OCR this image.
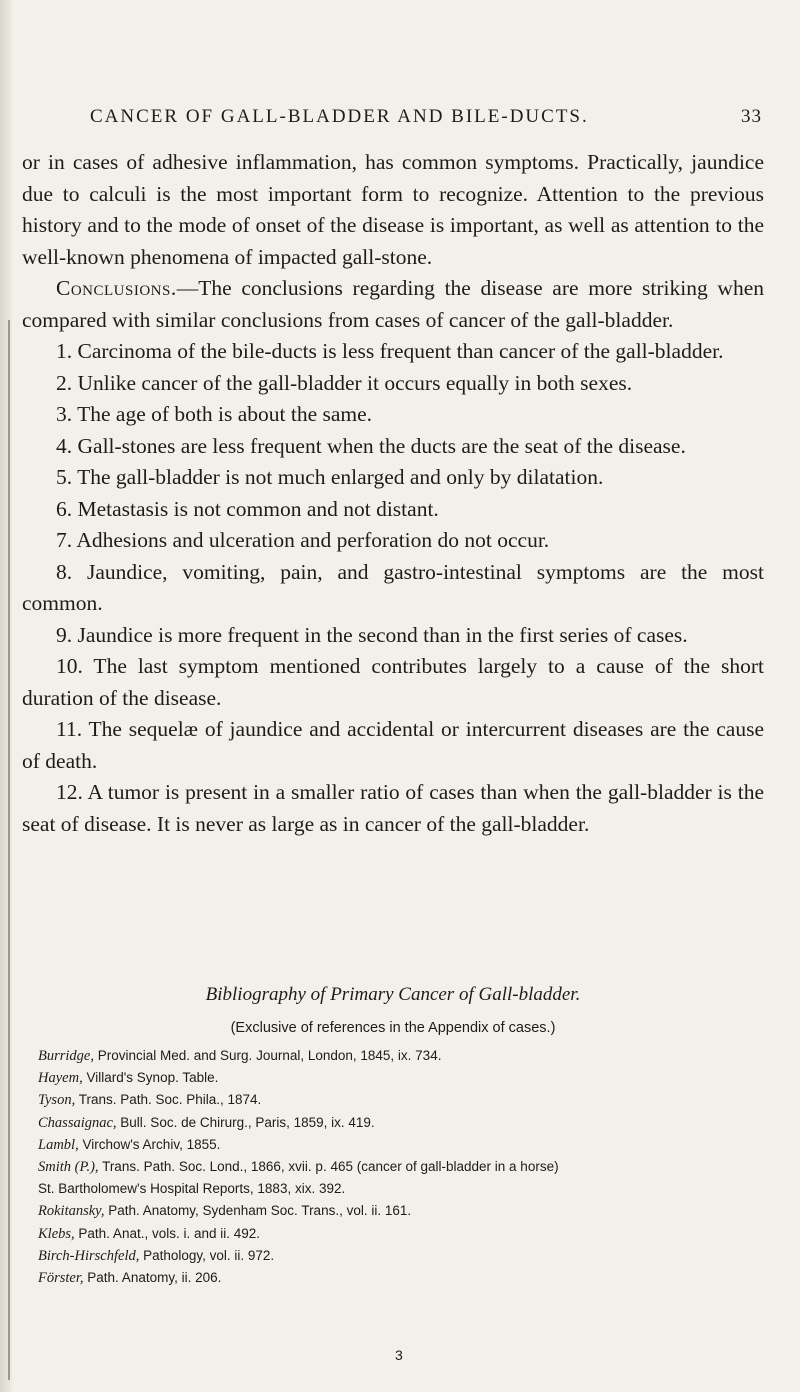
CANCER OF GALL-BLADDER AND BILE-DUCTS.	33

or in cases of adhesive inflammation, has common symptoms. Practically, jaundice due to calculi is the most important form to recognize. Attention to the previous history and to the mode of onset of the disease is important, as well as attention to the well-known phenomena of impacted gall-stone.

Conclusions.—The conclusions regarding the disease are more striking when compared with similar conclusions from cases of cancer of the gall-bladder.

1. Carcinoma of the bile-ducts is less frequent than cancer of the gall-bladder.

2. Unlike cancer of the gall-bladder it occurs equally in both sexes.

3. The age of both is about the same.

4. Gall-stones are less frequent when the ducts are the seat of the disease.

5. The gall-bladder is not much enlarged and only by dilatation.

6. Metastasis is not common and not distant.

7. Adhesions and ulceration and perforation do not occur.

8. Jaundice, vomiting, pain, and gastro-intestinal symptoms are the most common.

9. Jaundice is more frequent in the second than in the first series of cases.

10. The last symptom mentioned contributes largely to a cause of the short duration of the disease.

11. The sequelæ of jaundice and accidental or intercurrent diseases are the cause of death.

12. A tumor is present in a smaller ratio of cases than when the gall-bladder is the seat of disease. It is never as large as in cancer of the gall-bladder.

Bibliography of Primary Cancer of Gall-bladder.

(Exclusive of references in the Appendix of cases.)

Burridge, Provincial Med. and Surg. Journal, London, 1845, ix. 734.
Hayem, Villard's Synop. Table.
Tyson, Trans. Path. Soc. Phila., 1874.
Chassaignac, Bull. Soc. de Chirurg., Paris, 1859, ix. 419.
Lambl, Virchow's Archiv, 1855.
Smith (P.), Trans. Path. Soc. Lond., 1866, xvii. p. 465 (cancer of gall-bladder in a horse)
St. Bartholomew's Hospital Reports, 1883, xix. 392.
Rokitansky, Path. Anatomy, Sydenham Soc. Trans., vol. ii. 161.
Klebs, Path. Anat., vols. i. and ii. 492.
Birch-Hirschfeld, Pathology, vol. ii. 972.
Förster, Path. Anatomy, ii. 206.
3
